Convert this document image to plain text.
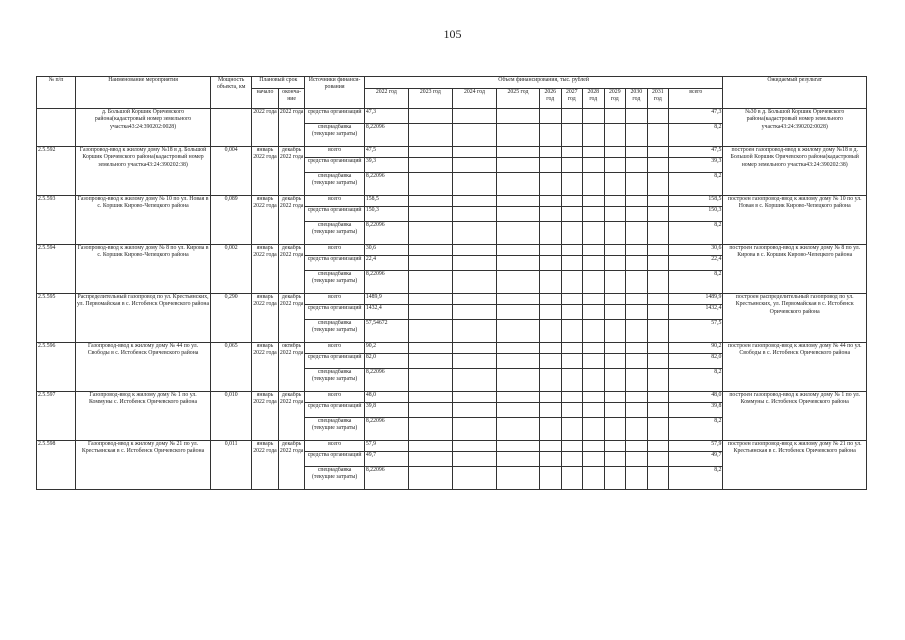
105
№ п/п	Наименование мероприятия	Мощность объекта, км	Плановый срок		Источники финанси-рования	Объем финансирования, тыс. рублей											Ожидаемый результат
			начало	оконча-ние		2022 год	2023 год	2024 год	2025 год	2026 год	2027 год	2028 год	2029 год	2030 год	2031 год	всего	

	д. Большой Коршик Оричевского района(кадастровый номер земельного участка43:24:390202:0028)		2022 года	2022 года	средства организаций	47,3										47,3	№30 в д. Большой Коршик Оричевского района(кадастровый номер земельного участка43:24:390202:0028)
					спецнадбавка (текущие затраты)	8,22096										8,2	
2.5.592	Газопровод-ввод к жилому дому №18 в д. Большой Коршик Оричевского района(кадастровый номер земельного участка43:24:390202:38)	0,004	январь 2022 года	декабрь 2022 года	всего	47,5										47,5	построен газопровод-ввод к жилому дому №18 в д. Большой Коршик Оричевского района(кадастровый номер земельного участка43:24:390202:38)
					средства организаций	39,3										39,3	
					спецнадбавка (текущие затраты)	8,22096										8,2	
2.5.593	Газопровод-ввод к жилому дому № 10 по ул. Новая в с. Коршик Кирово-Чепецкого района	0,089	январь 2022 года	декабрь 2022 года	всего	158,5										158,5	построен газопровод-ввод к жилому дому № 10 по ул. Новая в с. Коршик Кирово-Чепецкого района
					средства организаций	150,3										150,3	
					спецнадбавка (текущие затраты)	8,22096										8,2	
2.5.594	Газопровод-ввод к жилому дому № 8 по ул. Кирова в с. Коршик Кирово-Чепецкого района	0,002	январь 2022 года	декабрь 2022 года	всего	30,6										30,6	построен газопровод-ввод к жилому дому № 8 по ул. Кирова в с. Коршик Кирово-Чепецкого района
					средства организаций	22,4										22,4	
					спецнадбавка (текущие затраты)	8,22096										8,2	
2.5.595	Распределительный газопровод по ул. Крестьянских, ул. Первомайская в с. Истобенск Оричевского района	0,290	январь 2022 года	декабрь 2022 года	всего	1489,9										1489,9	построен распределительный газопровод по ул. Крестьянских, ул. Первомайская в с. Истобенск Оричевского района
					средства организаций	1432,4										1432,4	
					спецнадбавка (текущие затраты)	57,54672										57,5	
2.5.596	Газопровод-ввод к жилому дому № 44 по ул. Свободы в с. Истобенск Оричевского района	0,065	январь 2022 года	октябрь 2022 года	всего	90,2										90,2	построен газопровод-ввод к жилому дому № 44 по ул. Свободы в с. Истобенск Оричевского района
					средства организаций	82,0										82,0	
					спецнадбавка (текущие затраты)	8,22096										8,2	
2.5.597	Газопровод-ввод к жилому дому № 1 по ул. Коммуны с. Истобенск Оричевского района	0,010	январь 2022 года	декабрь 2022 года	всего	48,0										48,0	построен газопровод-ввод к жилому дому № 1 по ул. Коммуны с. Истобенск Оричевского района
					средства организаций	39,8										39,8	
					спецнадбавка (текущие затраты)	8,22096										8,2	
2.5.598	Газопровод-ввод к жилому дому № 21 по ул. Крестьянская в с. Истобенск Оричевского района	0,011	январь 2022 года	декабрь 2022 года	всего	57,9										57,9	построен газопровод-ввод к жилому дому № 21 по ул. Крестьянская в с. Истобенск Оричевского района
					средства организаций	49,7										49,7	
					спецнадбавка (текущие затраты)	8,22096										8,2	
